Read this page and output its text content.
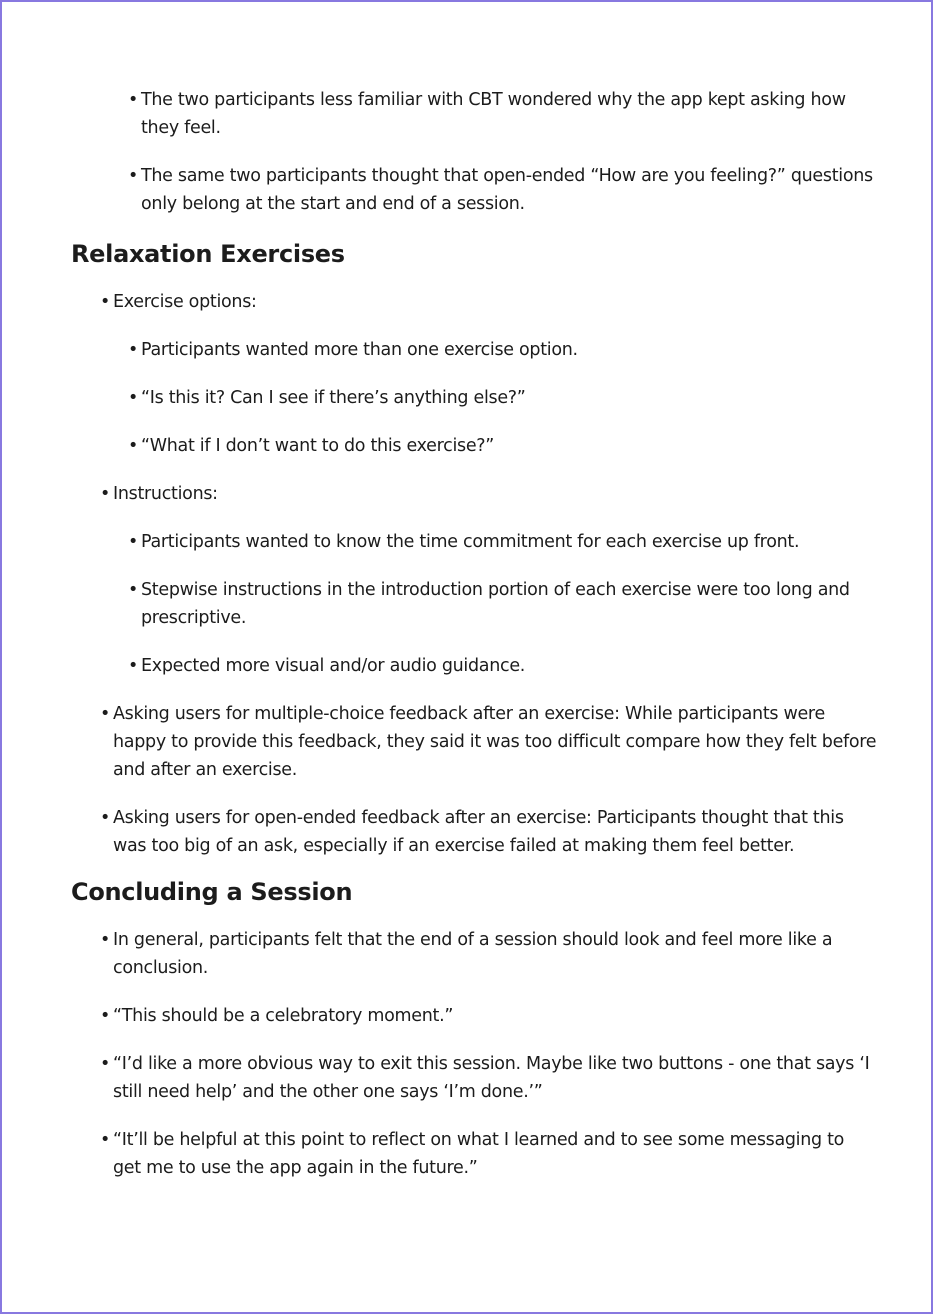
• The two participants less familiar with CBT wondered why the app kept asking how they feel.
• The same two participants thought that open-ended “How are you feeling?” questions only belong at the start and end of a session.
Relaxation Exercises
• Exercise options:
• Participants wanted more than one exercise option.
• “Is this it? Can I see if there’s anything else?”
• “What if I don’t want to do this exercise?”
• Instructions:
• Participants wanted to know the time commitment for each exercise up front.
• Stepwise instructions in the introduction portion of each exercise were too long and prescriptive.
• Expected more visual and/or audio guidance.
• Asking users for multiple-choice feedback after an exercise: While participants were happy to provide this feedback, they said it was too difficult compare how they felt before and after an exercise.
• Asking users for open-ended feedback after an exercise: Participants thought that this was too big of an ask, especially if an exercise failed at making them feel better.
Concluding a Session
• In general, participants felt that the end of a session should look and feel more like a conclusion.
• “This should be a celebratory moment.”
• “I’d like a more obvious way to exit this session. Maybe like two buttons - one that says ‘I still need help’ and the other one says ‘I’m done.’”
• “It’ll be helpful at this point to reflect on what I learned and to see some messaging to get me to use the app again in the future.”
